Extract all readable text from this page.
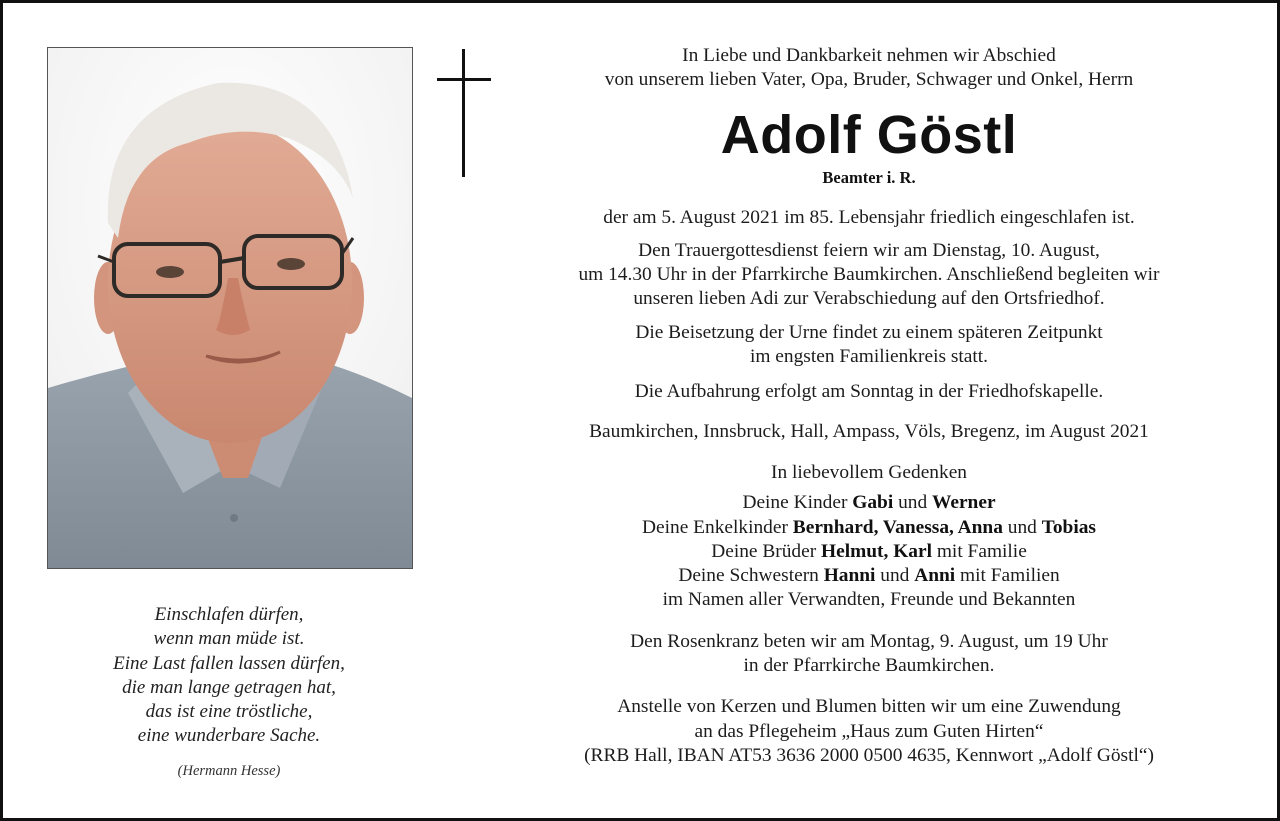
Einschlafen dürfen,
wenn man müde ist.
Eine Last fallen lassen dürfen,
die man lange getragen hat,
das ist eine tröstliche,
eine wunderbare Sache.
(Hermann Hesse)

In Liebe und Dankbarkeit nehmen wir Abschied

von unserem lieben Vater, Opa, Bruder, Schwager und Onkel, Herrn

Adolf Göstl

Beamter i. R.

der am 5. August 2021 im 85. Lebensjahr friedlich eingeschlafen ist.

Den Trauergottesdienst feiern wir am Dienstag, 10. August,

um 14.30 Uhr in der Pfarrkirche Baumkirchen. Anschließend begleiten wir

unseren lieben Adi zur Verabschiedung auf den Ortsfriedhof.

Die Beisetzung der Urne findet zu einem späteren Zeitpunkt

im engsten Familienkreis statt.

Die Aufbahrung erfolgt am Sonntag in der Friedhofskapelle.

Baumkirchen, Innsbruck, Hall, Ampass, Völs, Bregenz, im August 2021

In liebevollem Gedenken

Deine Kinder Gabi und Werner

Deine Enkelkinder Bernhard, Vanessa, Anna und Tobias

Deine Brüder Helmut, Karl mit Familie

Deine Schwestern Hanni und Anni mit Familien

im Namen aller Verwandten, Freunde und Bekannten

Den Rosenkranz beten wir am Montag, 9. August, um 19 Uhr

in der Pfarrkirche Baumkirchen.

Anstelle von Kerzen und Blumen bitten wir um eine Zuwendung

an das Pflegeheim „Haus zum Guten Hirten“

(RRB Hall, IBAN AT53 3636 2000 0500 4635, Kennwort „Adolf Göstl“)
